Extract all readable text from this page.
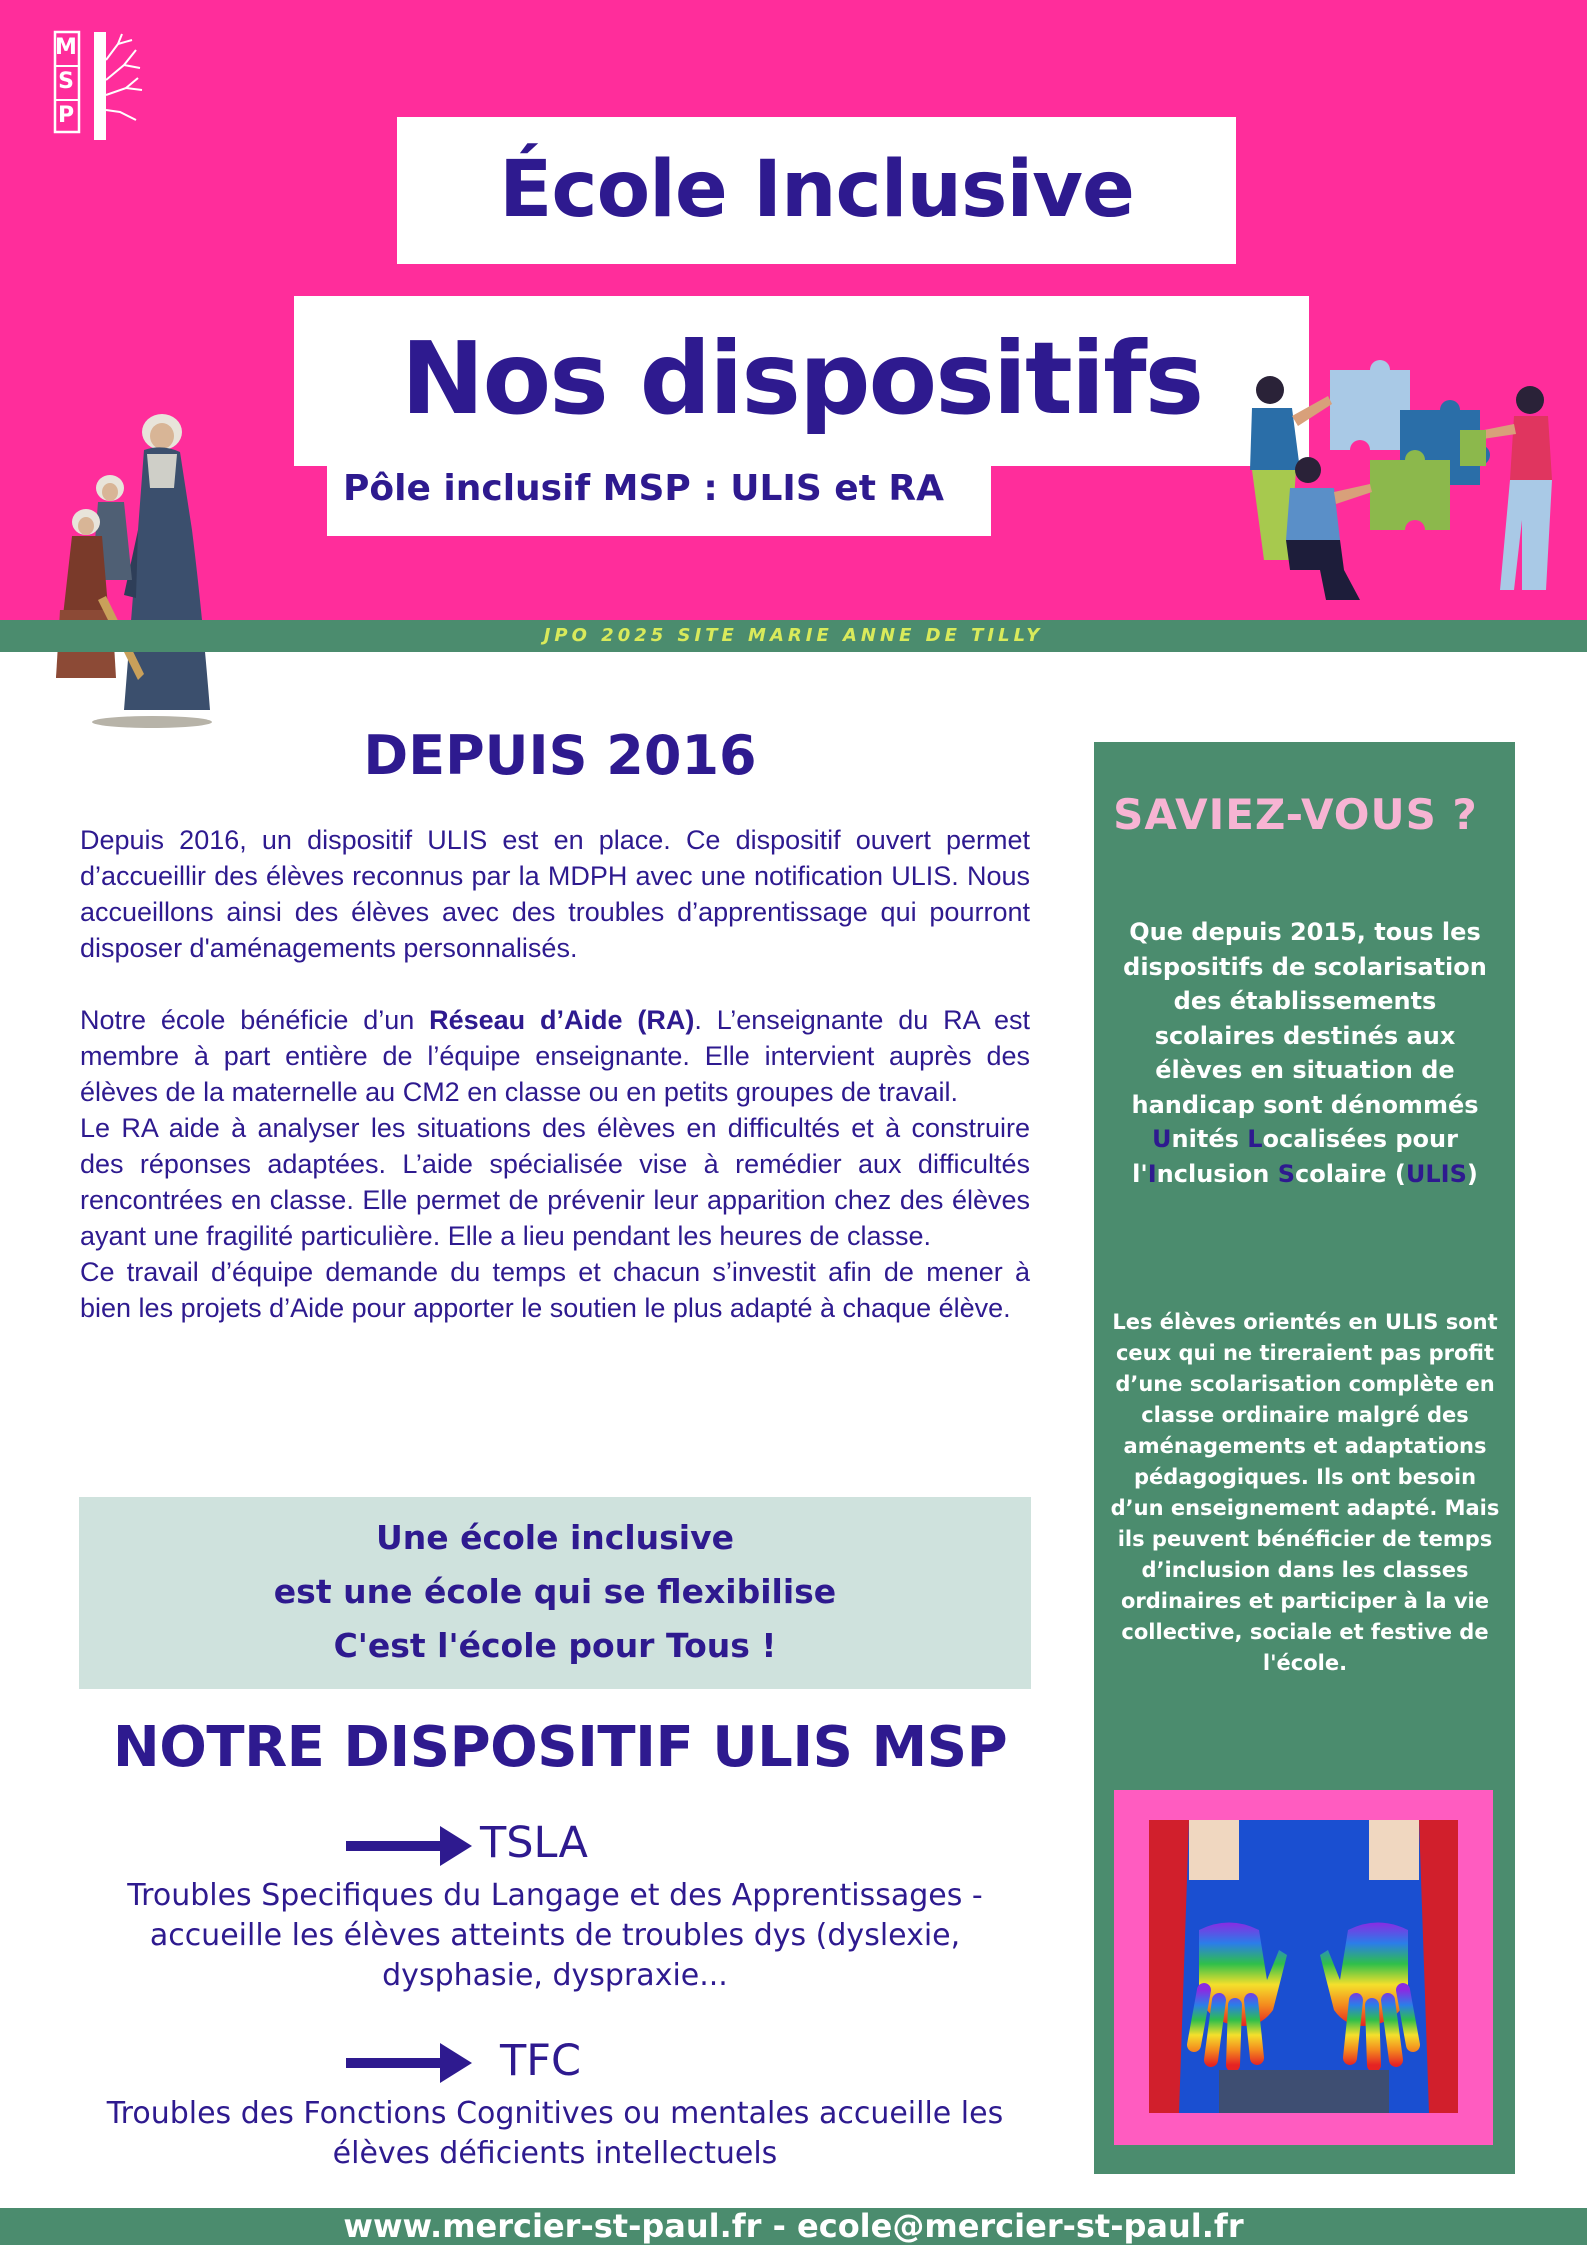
M
S
P
École Inclusive
Nos dispositifs
Pôle inclusif MSP : ULIS et RA
JPO 2025 SITE MARIE ANNE DE TILLY
DEPUIS 2016

Depuis 2016, un dispositif ULIS est en place. Ce dispositif ouvert permet d’accueillir des élèves reconnus par la MDPH avec une notification ULIS. Nous accueillons ainsi des élèves avec des troubles d’apprentissage qui pourront disposer d'aménagements personnalisés.

Notre école bénéficie d’un Réseau d’Aide (RA). L’enseignante du RA est membre à part entière de l’équipe enseignante. Elle intervient auprès des élèves de la maternelle au CM2 en classe ou en petits groupes de travail.

Le RA aide à analyser les situations des élèves en difficultés et à construire des réponses adaptées. L’aide spécialisée vise à remédier aux difficultés rencontrées en classe. Elle permet de prévenir leur apparition chez des élèves ayant une fragilité particulière. Elle a lieu pendant les heures de classe.

Ce travail d’équipe demande du temps et chacun s’investit afin de mener à bien les projets d’Aide pour apporter le soutien le plus adapté à chaque élève.

Une école inclusive
est une école qui se flexibilise
C'est l'école pour Tous !
NOTRE DISPOSITIF ULIS MSP
TSLA
Troubles Specifiques du Langage et des Apprentissages - accueille les élèves atteints de troubles dys (dyslexie, dysphasie, dyspraxie...
TFC
Troubles des Fonctions Cognitives ou mentales accueille les élèves déficients intellectuels
SAVIEZ-VOUS ?
Que depuis 2015, tous les dispositifs de scolarisation des établissements scolaires destinés aux élèves en situation de handicap sont dénommés Unités Localisées pour l'Inclusion Scolaire (ULIS)
Les élèves orientés en ULIS sont ceux qui ne tireraient pas profit d’une scolarisation complète en classe ordinaire malgré des aménagements et adaptations pédagogiques. Ils ont besoin d’un enseignement adapté. Mais ils peuvent bénéficier de temps d’inclusion dans les classes ordinaires et participer à la vie collective, sociale et festive de l'école.
www.mercier-st-paul.fr - ecole@mercier-st-paul.fr
